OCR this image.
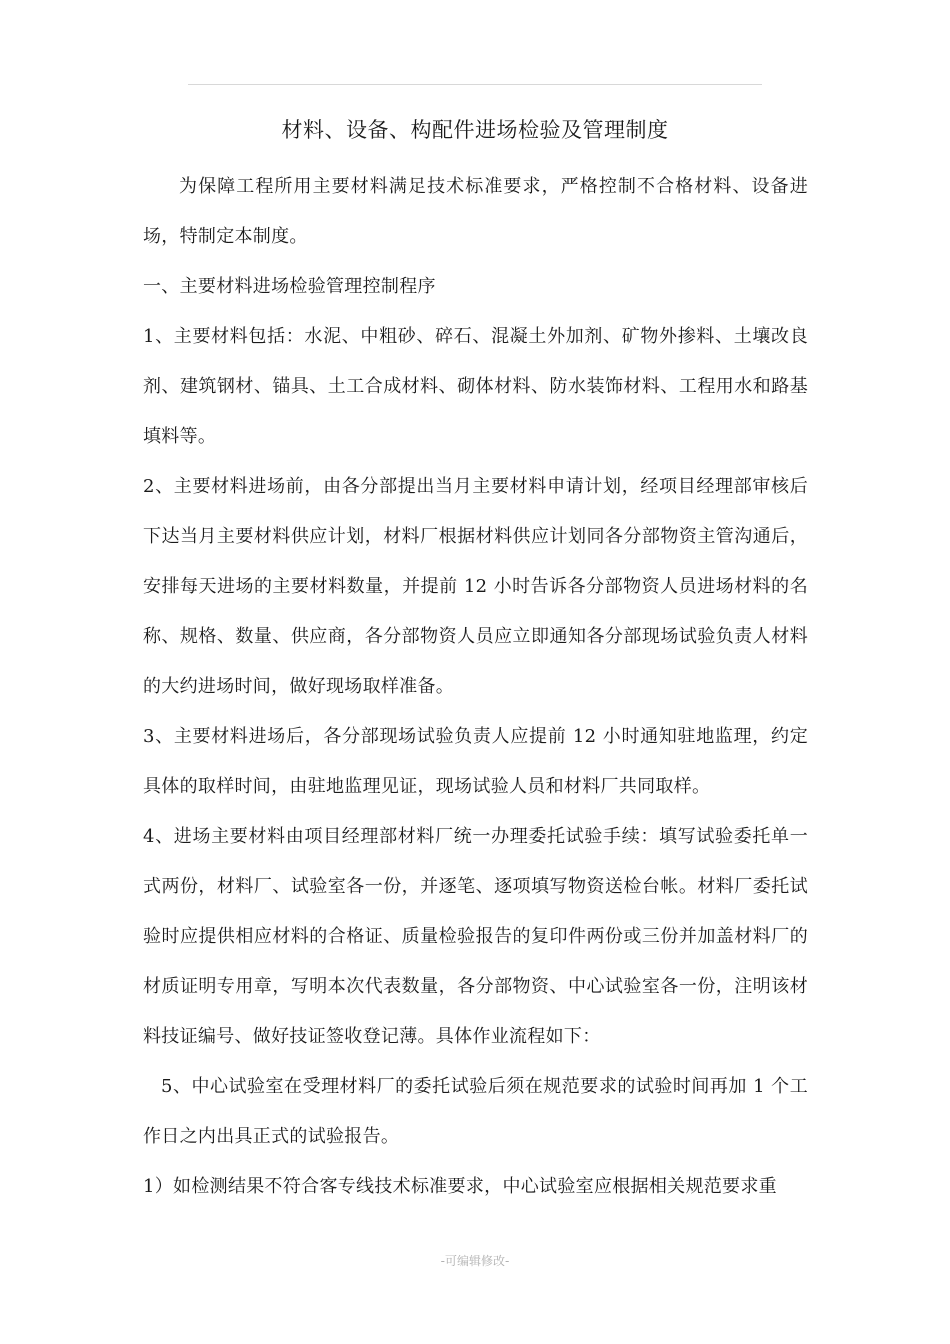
材料、设备、构配件进场检验及管理制度

为保障工程所用主要材料满足技术标准要求，严格控制不合格材料、设备进场，特制定本制度。

一、主要材料进场检验管理控制程序

1、主要材料包括：水泥、中粗砂、碎石、混凝土外加剂、矿物外掺料、土壤改良剂、建筑钢材、锚具、土工合成材料、砌体材料、防水装饰材料、工程用水和路基填料等。

2、主要材料进场前，由各分部提出当月主要材料申请计划，经项目经理部审核后下达当月主要材料供应计划，材料厂根据材料供应计划同各分部物资主管沟通后，安排每天进场的主要材料数量，并提前 12 小时告诉各分部物资人员进场材料的名称、规格、数量、供应商，各分部物资人员应立即通知各分部现场试验负责人材料的大约进场时间，做好现场取样准备。

3、主要材料进场后，各分部现场试验负责人应提前 12 小时通知驻地监理，约定具体的取样时间，由驻地监理见证，现场试验人员和材料厂共同取样。

4、进场主要材料由项目经理部材料厂统一办理委托试验手续：填写试验委托单一式两份，材料厂、试验室各一份，并逐笔、逐项填写物资送检台帐。材料厂委托试验时应提供相应材料的合格证、质量检验报告的复印件两份或三份并加盖材料厂的材质证明专用章，写明本次代表数量，各分部物资、中心试验室各一份，注明该材料技证编号、做好技证签收登记薄。具体作业流程如下：

5、中心试验室在受理材料厂的委托试验后须在规范要求的试验时间再加 1 个工作日之内出具正式的试验报告。

1）如检测结果不符合客专线技术标准要求，中心试验室应根据相关规范要求重

-可编辑修改-
